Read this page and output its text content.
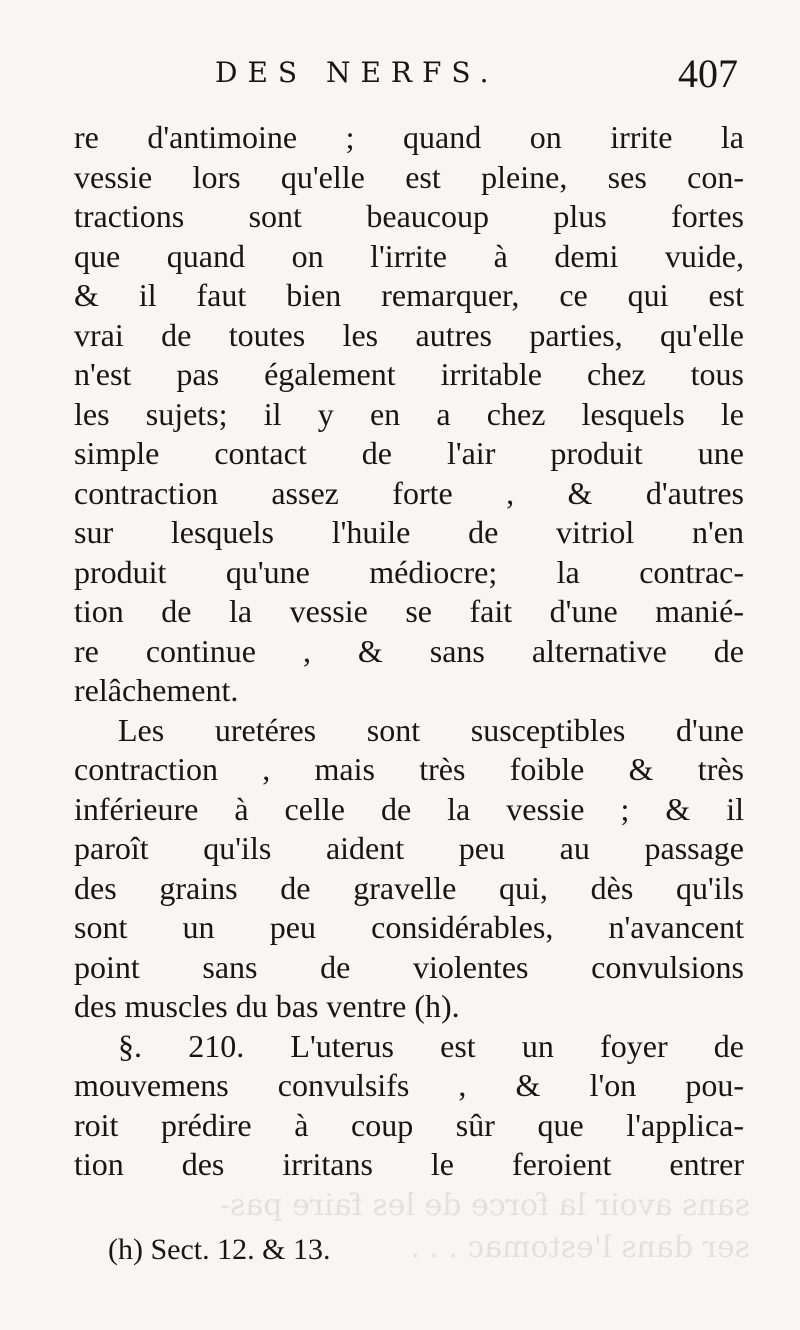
sans avoir la force de les faire pas-
ser dans l'estomac . . .
DES NERFS.	407
re d'antimoine ; quand on irrite la
vessie lors qu'elle est pleine, ses con-
tractions sont beaucoup plus fortes
que quand on l'irrite à demi vuide,
& il faut bien remarquer, ce qui est
vrai de toutes les autres parties, qu'elle
n'est pas également irritable chez tous
les sujets; il y en a chez lesquels le
simple contact de l'air produit une
contraction assez forte , & d'autres
sur lesquels l'huile de vitriol n'en
produit qu'une médiocre; la contrac-
tion de la vessie se fait d'une manié-
re continue , & sans alternative de
relâchement.
Les uretéres sont susceptibles d'une
contraction , mais très foible & très
inférieure à celle de la vessie ; & il
paroît qu'ils aident peu au passage
des grains de gravelle qui, dès qu'ils
sont un peu considérables, n'avancent
point sans de violentes convulsions
des muscles du bas ventre (h).
§. 210. L'uterus est un foyer de
mouvemens convulsifs , & l'on pou-
roit prédire à coup sûr que l'applica-
tion des irritans le feroient entrer
(h) Sect. 12. & 13.
